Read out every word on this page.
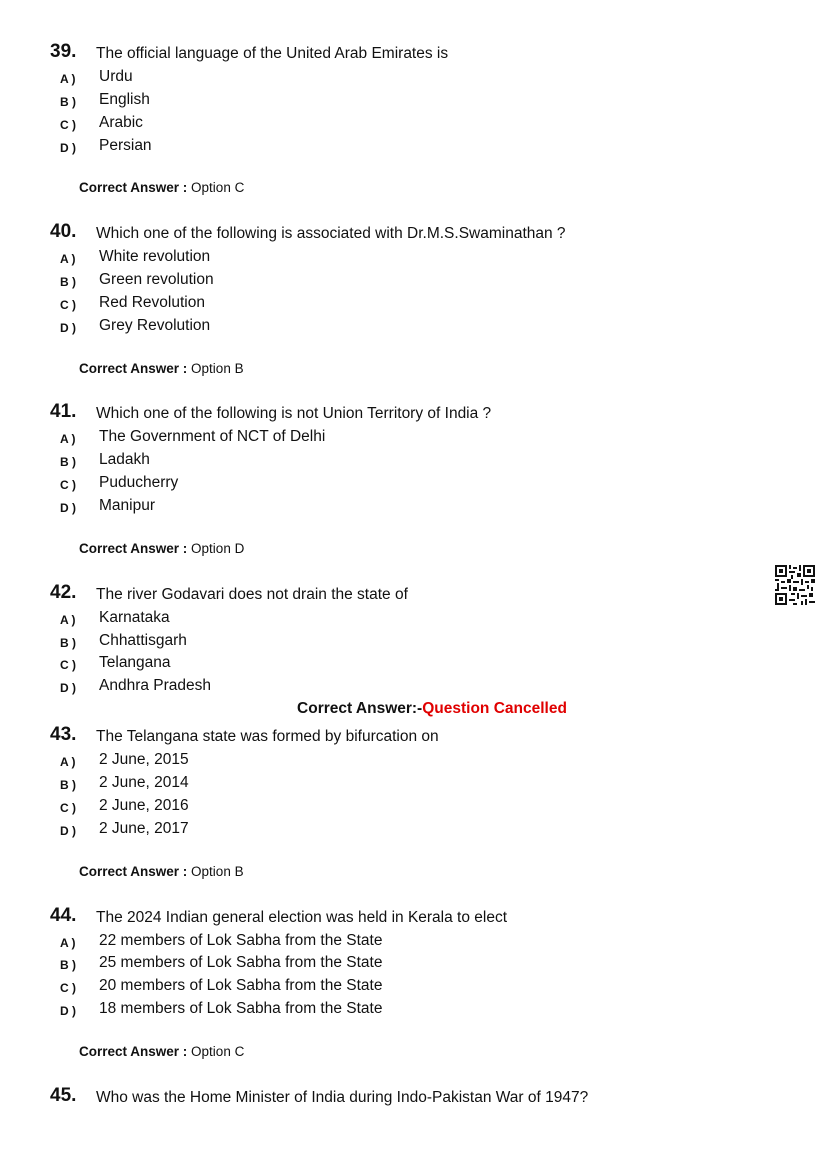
39. The official language of the United Arab Emirates is
A ) Urdu
B ) English
C ) Arabic
D ) Persian
Correct Answer : Option C
40. Which one of the following is associated with Dr.M.S.Swaminathan ?
A ) White revolution
B ) Green revolution
C ) Red Revolution
D ) Grey Revolution
Correct Answer : Option B
41. Which one of the following is not Union Territory of India ?
A ) The Government of NCT of Delhi
B ) Ladakh
C ) Puducherry
D ) Manipur
Correct Answer : Option D
42. The river Godavari does not drain the state of
A ) Karnataka
B ) Chhattisgarh
C ) Telangana
D ) Andhra Pradesh
Correct Answer:-Question Cancelled
43. The Telangana state was formed by bifurcation on
A ) 2 June, 2015
B ) 2 June, 2014
C ) 2 June, 2016
D ) 2 June, 2017
Correct Answer : Option B
44. The 2024 Indian general election was held in Kerala to elect
A ) 22 members of Lok Sabha from the State
B ) 25 members of Lok Sabha from the State
C ) 20 members of Lok Sabha from the State
D ) 18 members of Lok Sabha from the State
Correct Answer : Option C
45. Who was the Home Minister of India during Indo-Pakistan War of 1947?
